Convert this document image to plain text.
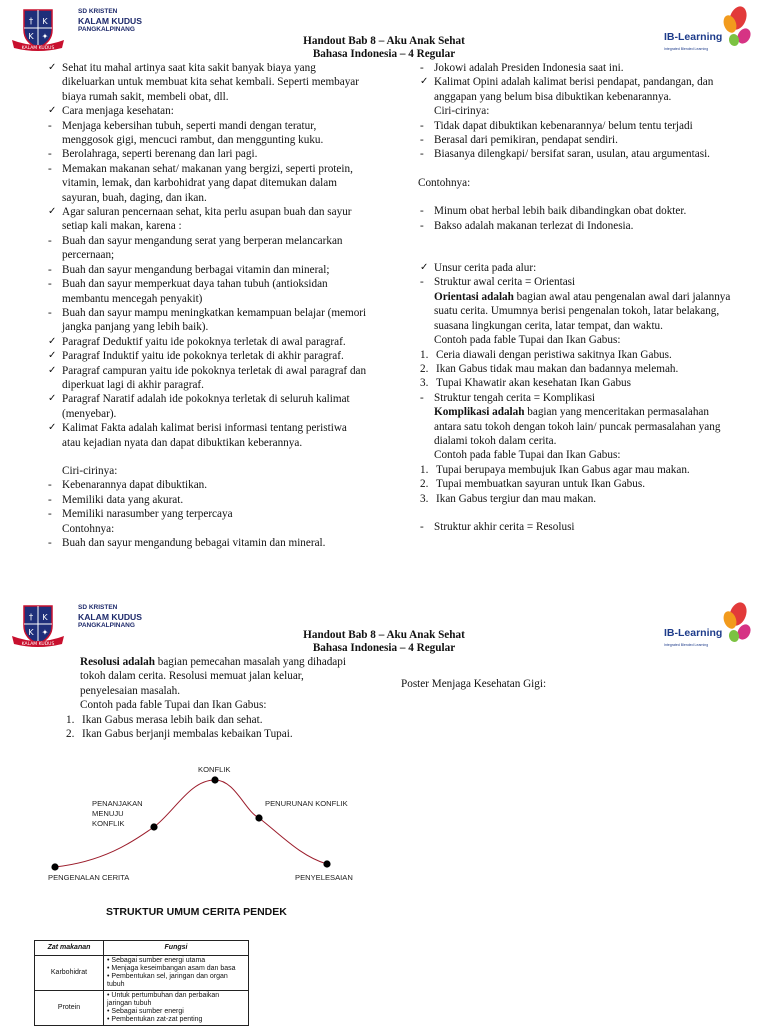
† K
K ✦
KALAM KUDUS
SD KRISTEN
KALAM KUDUS
PANGKALPINANG
IB-Learning
Integrated Blended Learning
Handout Bab 8 – Aku Anak Sehat
Bahasa Indonesia – 4 Regular
✓ Sehat itu mahal artinya saat kita sakit banyak biaya yang dikeluarkan untuk membuat kita sehat kembali. Seperti membayar biaya rumah sakit, membeli obat, dll.
✓ Cara menjaga kesehatan:
- Menjaga kebersihan tubuh, seperti mandi dengan teratur, menggosok gigi, mencuci rambut, dan menggunting kuku.
- Berolahraga, seperti berenang dan lari pagi.
- Memakan makanan sehat/ makanan yang bergizi, seperti protein, vitamin, lemak, dan karbohidrat yang dapat ditemukan dalam sayuran, buah, daging, dan ikan.
✓ Agar saluran pencernaan sehat, kita perlu asupan buah dan sayur setiap kali makan, karena :
- Buah dan sayur mengandung serat yang berperan melancarkan percernaan;
- Buah dan sayur mengandung berbagai vitamin dan mineral;
- Buah dan sayur memperkuat daya tahan tubuh (antioksidan membantu mencegah penyakit)
- Buah dan sayur mampu meningkatkan kemampuan belajar (memori jangka panjang yang lebih baik).
✓ Paragraf Deduktif yaitu ide pokoknya terletak di awal paragraf.
✓ Paragraf Induktif yaitu ide pokoknya terletak di akhir paragraf.
✓ Paragraf campuran yaitu ide pokoknya terletak di awal paragraf dan diperkuat lagi di akhir paragraf.
✓ Paragraf Naratif adalah ide pokoknya terletak di seluruh kalimat (menyebar).
✓ Kalimat Fakta adalah kalimat berisi informasi tentang peristiwa atau kejadian nyata dan dapat dibuktikan keberannya.
Ciri-cirinya:
- Kebenarannya dapat dibuktikan.
- Memiliki data yang akurat.
- Memiliki narasumber yang terpercaya
Contohnya:
- Buah dan sayur mengandung bebagai vitamin dan mineral.
- Jokowi adalah Presiden Indonesia saat ini.
✓ Kalimat Opini adalah kalimat berisi pendapat, pandangan, dan anggapan yang belum bisa dibuktikan kebenarannya.
Ciri-cirinya:
- Tidak dapat dibuktikan kebenarannya/ belum tentu terjadi
- Berasal dari pemikiran, pendapat sendiri.
- Biasanya dilengkapi/ bersifat saran, usulan, atau argumentasi.
Contohnya:
- Minum obat herbal lebih baik dibandingkan obat dokter.
- Bakso adalah makanan terlezat di Indonesia.
✓ Unsur cerita pada alur:
- Struktur awal cerita = Orientasi
Orientasi adalah bagian awal atau pengenalan awal dari jalannya suatu cerita. Umumnya berisi pengenalan tokoh, latar belakang, suasana lingkungan cerita, latar tempat, dan waktu.
Contoh pada fable Tupai dan Ikan Gabus:
1. Ceria diawali dengan peristiwa sakitnya Ikan Gabus.
2. Ikan Gabus tidak mau makan dan badannya melemah.
3. Tupai Khawatir akan kesehatan Ikan Gabus
- Struktur tengah cerita = Komplikasi
Komplikasi adalah bagian yang menceritakan permasalahan antara satu tokoh dengan tokoh lain/ puncak permasalahan yang dialami tokoh dalam cerita.
Contoh pada fable Tupai dan Ikan Gabus:
1. Tupai berupaya membujuk Ikan Gabus agar mau makan.
2. Tupai membuatkan sayuran untuk Ikan Gabus.
3. Ikan Gabus tergiur dan mau makan.
- Struktur akhir cerita = Resolusi
† K
K ✦
KALAM KUDUS
SD KRISTEN
KALAM KUDUS
PANGKALPINANG
IB-Learning
Integrated Blended Learning
Handout Bab 8 – Aku Anak Sehat
Bahasa Indonesia – 4 Regular
Resolusi adalah bagian pemecahan masalah yang dihadapi tokoh dalam cerita. Resolusi memuat jalan keluar, penyelesaian masalah.
Contoh pada fable Tupai dan Ikan Gabus:
1. Ikan Gabus merasa lebih baik dan sehat.
2. Ikan Gabus berjanji membalas kebaikan Tupai.
Poster Menjaga Kesehatan Gigi:
KONFLIK
PENANJAKAN
MENUJU
KONFLIK
PENURUNAN KONFLIK
PENGENALAN CERITA	PENYELESAIAN
STRUKTUR UMUM CERITA PENDEK
Zat makanan	Fungsi
Karbohidrat	• Sebagai sumber energi utama
• Menjaga keseimbangan asam dan basa
• Pembentukan sel, jaringan dan organ tubuh

Protein	• Untuk pertumbuhan dan perbaikan jaringan tubuh
• Sebagai sumber energi
• Pembentukan zat-zat penting
